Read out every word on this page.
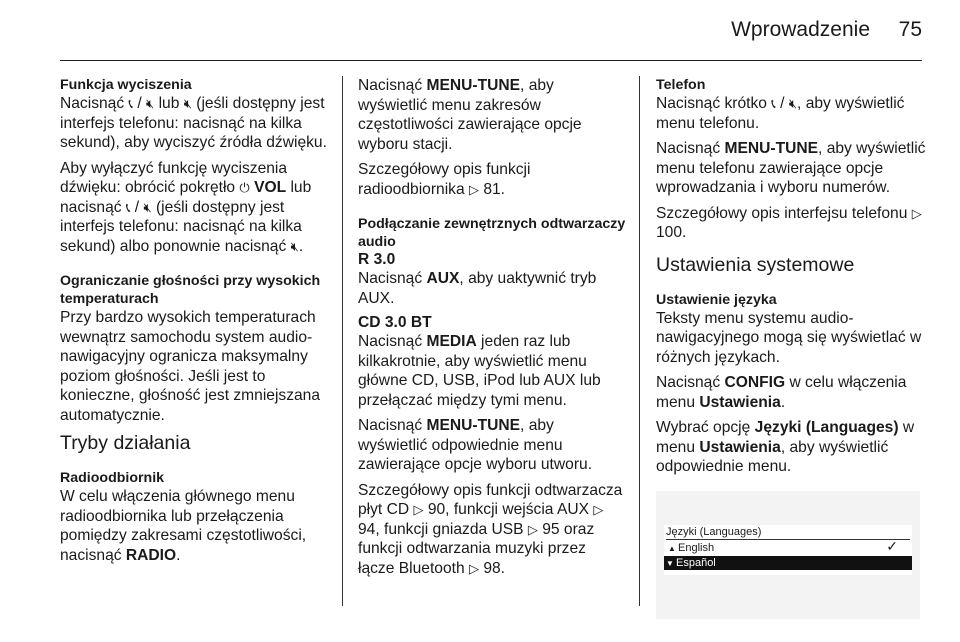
Wprowadzenie	75
Funkcja wyciszenia

Nacisnąć 📞︎ / 🔇︎ lub 🔇︎ (jeśli dostępny jest interfejs telefonu: nacisnąć na kilka sekund), aby wyciszyć źródła dźwięku.

Aby wyłączyć funkcję wyciszenia dźwięku: obrócić pokrętło ⏻ VOL lub nacisnąć 📞︎ / 🔇︎ (jeśli dostępny jest interfejs telefonu: nacisnąć na kilka sekund) albo ponownie nacisnąć 🔇︎.

Ograniczanie głośności przy wysokich temperaturach

Przy bardzo wysokich temperaturach wewnątrz samochodu system audio-nawigacyjny ogranicza maksymalny poziom głośności. Jeśli jest to konieczne, głośność jest zmniejszana automatycznie.

Tryby działania
Radioodbiornik

W celu włączenia głównego menu radioodbiornika lub przełączenia pomiędzy zakresami częstotliwości, nacisnąć RADIO.

Nacisnąć MENU-TUNE, aby wyświetlić menu zakresów częstotliwości zawierające opcje wyboru stacji.

Szczegółowy opis funkcji radioodbiornika ▷ 81.

Podłączanie zewnętrznych odtwarzaczy audio
R 3.0

Nacisnąć AUX, aby uaktywnić tryb AUX.

CD 3.0 BT

Nacisnąć MEDIA jeden raz lub kilkakrotnie, aby wyświetlić menu główne CD, USB, iPod lub AUX lub przełączać między tymi menu.

Nacisnąć MENU-TUNE, aby wyświetlić odpowiednie menu zawierające opcje wyboru utworu.

Szczegółowy opis funkcji odtwarzacza płyt CD ▷ 90, funkcji wejścia AUX ▷ 94, funkcji gniazda USB ▷ 95 oraz funkcji odtwarzania muzyki przez łącze Bluetooth ▷ 98.

Telefon

Nacisnąć krótko 📞︎ / 🔇︎, aby wyświetlić menu telefonu.

Nacisnąć MENU-TUNE, aby wyświetlić menu telefonu zawierające opcje wprowadzania i wyboru numerów.

Szczegółowy opis interfejsu telefonu ▷ 100.

Ustawienia systemowe
Ustawienie języka

Teksty menu systemu audio-nawigacyjnego mogą się wyświetlać w różnych językach.

Nacisnąć CONFIG w celu włączenia menu Ustawienia.

Wybrać opcję Języki (Languages) w menu Ustawienia, aby wyświetlić odpowiednie menu.

Języki (Languages)
▲ English	✓
▼ Español
